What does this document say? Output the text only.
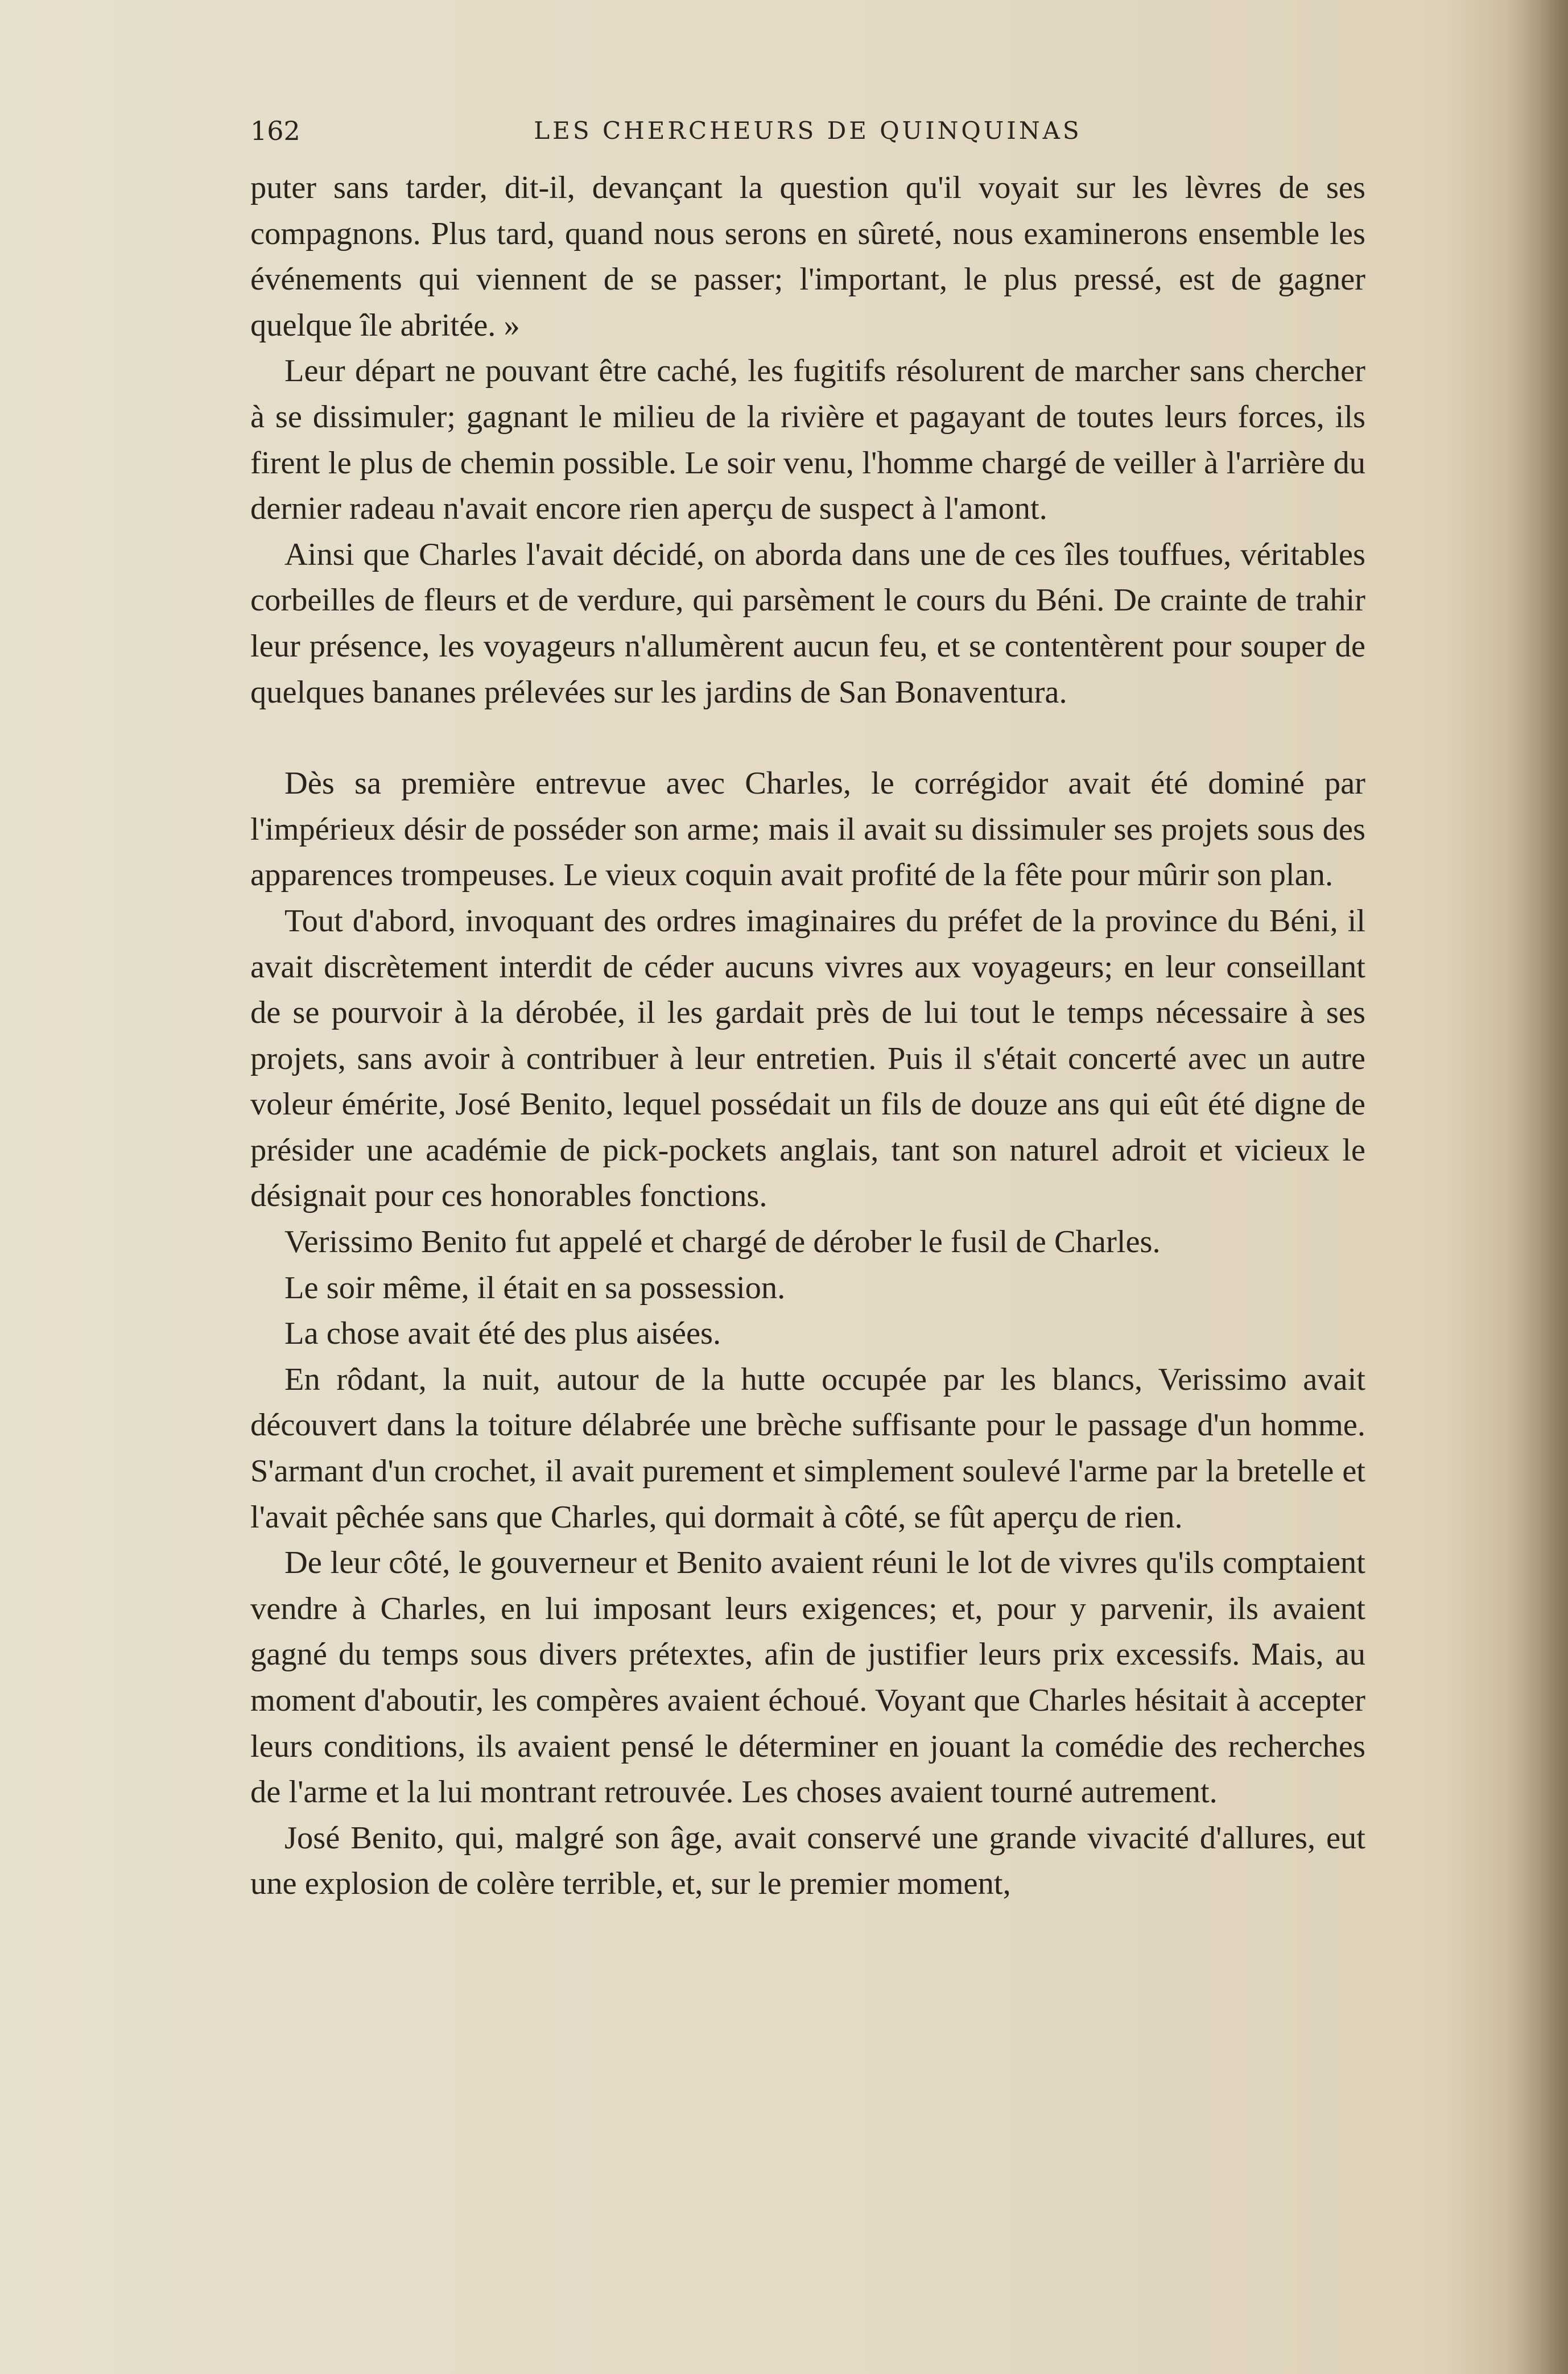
162	LES CHERCHEURS DE QUINQUINAS

puter sans tarder, dit-il, devançant la question qu'il voyait sur les lèvres de ses compagnons. Plus tard, quand nous serons en sûreté, nous examinerons ensemble les événements qui viennent de se passer; l'important, le plus pressé, est de gagner quelque île abritée. »

Leur départ ne pouvant être caché, les fugitifs résolurent de marcher sans chercher à se dissimuler; gagnant le milieu de la rivière et pagayant de toutes leurs forces, ils firent le plus de chemin possible. Le soir venu, l'homme chargé de veiller à l'arrière du dernier radeau n'avait encore rien aperçu de suspect à l'amont.

Ainsi que Charles l'avait décidé, on aborda dans une de ces îles touffues, véritables corbeilles de fleurs et de verdure, qui parsèment le cours du Béni. De crainte de trahir leur présence, les voyageurs n'allumèrent aucun feu, et se contentèrent pour souper de quelques bananes prélevées sur les jardins de San Bonaventura.

Dès sa première entrevue avec Charles, le corrégidor avait été dominé par l'impérieux désir de posséder son arme; mais il avait su dissimuler ses projets sous des apparences trompeuses. Le vieux coquin avait profité de la fête pour mûrir son plan.

Tout d'abord, invoquant des ordres imaginaires du préfet de la province du Béni, il avait discrètement interdit de céder aucuns vivres aux voyageurs; en leur conseillant de se pourvoir à la dérobée, il les gardait près de lui tout le temps nécessaire à ses projets, sans avoir à contribuer à leur entretien. Puis il s'était concerté avec un autre voleur émérite, José Benito, lequel possédait un fils de douze ans qui eût été digne de présider une académie de pick-pockets anglais, tant son naturel adroit et vicieux le désignait pour ces honorables fonctions.

Verissimo Benito fut appelé et chargé de dérober le fusil de Charles.

Le soir même, il était en sa possession.

La chose avait été des plus aisées.

En rôdant, la nuit, autour de la hutte occupée par les blancs, Verissimo avait découvert dans la toiture délabrée une brèche suffisante pour le passage d'un homme. S'armant d'un crochet, il avait purement et simplement soulevé l'arme par la bretelle et l'avait pêchée sans que Charles, qui dormait à côté, se fût aperçu de rien.

De leur côté, le gouverneur et Benito avaient réuni le lot de vivres qu'ils comptaient vendre à Charles, en lui imposant leurs exigences; et, pour y parvenir, ils avaient gagné du temps sous divers prétextes, afin de justifier leurs prix excessifs. Mais, au moment d'aboutir, les compères avaient échoué. Voyant que Charles hésitait à accepter leurs conditions, ils avaient pensé le déterminer en jouant la comédie des recherches de l'arme et la lui montrant retrouvée. Les choses avaient tourné autrement.

José Benito, qui, malgré son âge, avait conservé une grande vivacité d'allures, eut une explosion de colère terrible, et, sur le premier moment,
